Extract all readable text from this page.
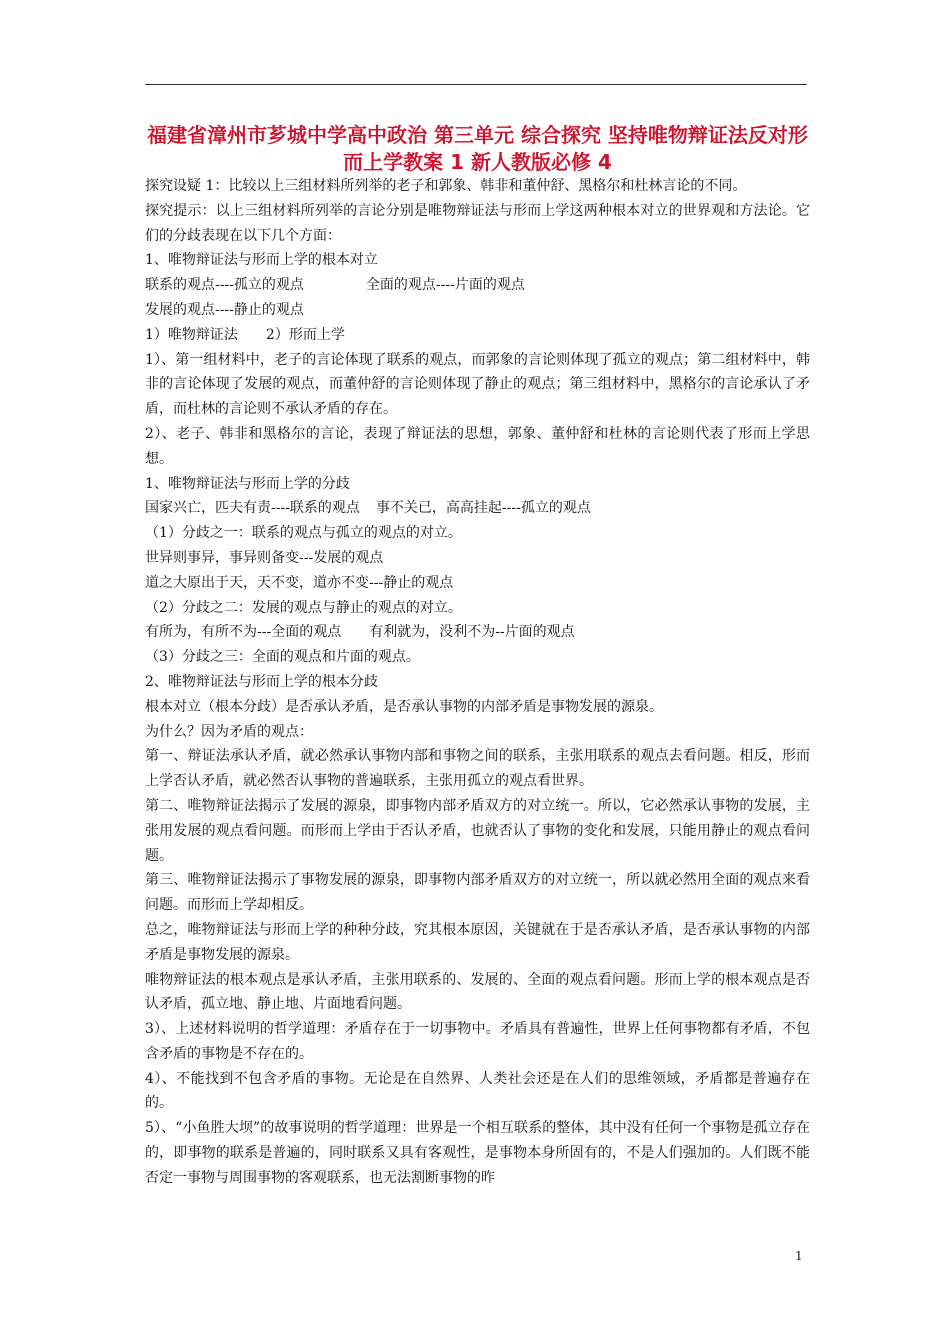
福建省漳州市芗城中学高中政治 第三单元 综合探究 坚持唯物辩证法反对形而上学教案 1 新人教版必修 4

探究设疑 1：比较以上三组材料所列举的老子和郭象、韩非和董仲舒、黑格尔和杜林言论的不同。

探究提示：以上三组材料所列举的言论分别是唯物辩证法与形而上学这两种根本对立的世界观和方法论。它们的分歧表现在以下几个方面：

1、唯物辩证法与形而上学的根本对立

联系的观点----孤立的观点	全面的观点----片面的观点

发展的观点----静止的观点

1）唯物辩证法 2）形而上学

1）、第一组材料中，老子的言论体现了联系的观点，而郭象的言论则体现了孤立的观点；第二组材料中，韩非的言论体现了发展的观点，而董仲舒的言论则体现了静止的观点；第三组材料中，黑格尔的言论承认了矛盾，而杜林的言论则不承认矛盾的存在。

2）、老子、韩非和黑格尔的言论，表现了辩证法的思想，郭象、董仲舒和杜林的言论则代表了形而上学思想。

1、唯物辩证法与形而上学的分歧

国家兴亡，匹夫有责----联系的观点 事不关已，高高挂起----孤立的观点

（1）分歧之一：联系的观点与孤立的观点的对立。

世异则事异，事异则备变---发展的观点

道之大原出于天，天不变，道亦不变---静止的观点

（2）分歧之二：发展的观点与静止的观点的对立。

有所为，有所不为---全面的观点 有利就为，没利不为--片面的观点

（3）分歧之三：全面的观点和片面的观点。

2、唯物辩证法与形而上学的根本分歧

根本对立（根本分歧）是否承认矛盾，是否承认事物的内部矛盾是事物发展的源泉。

为什么？因为矛盾的观点：

第一、辩证法承认矛盾，就必然承认事物内部和事物之间的联系，主张用联系的观点去看问题。相反，形而上学否认矛盾，就必然否认事物的普遍联系，主张用孤立的观点看世界。

第二、唯物辩证法揭示了发展的源泉，即事物内部矛盾双方的对立统一。所以，它必然承认事物的发展，主张用发展的观点看问题。而形而上学由于否认矛盾，也就否认了事物的变化和发展，只能用静止的观点看问题。

第三、唯物辩证法揭示了事物发展的源泉，即事物内部矛盾双方的对立统一，所以就必然用全面的观点来看问题。而形而上学却相反。

总之，唯物辩证法与形而上学的种种分歧，究其根本原因，关键就在于是否承认矛盾，是否承认事物的内部矛盾是事物发展的源泉。

唯物辩证法的根本观点是承认矛盾，主张用联系的、发展的、全面的观点看问题。形而上学的根本观点是否认矛盾，孤立地、静止地、片面地看问题。

3）、上述材料说明的哲学道理：矛盾存在于一切事物中。矛盾具有普遍性，世界上任何事物都有矛盾，不包含矛盾的事物是不存在的。

4）、不能找到不包含矛盾的事物。无论是在自然界、人类社会还是在人们的思维领域，矛盾都是普遍存在的。

5）、“小鱼胜大坝”的故事说明的哲学道理：世界是一个相互联系的整体，其中没有任何一个事物是孤立存在的，即事物的联系是普遍的，同时联系又具有客观性，是事物本身所固有的，不是人们强加的。人们既不能否定一事物与周围事物的客观联系，也无法割断事物的昨

1
